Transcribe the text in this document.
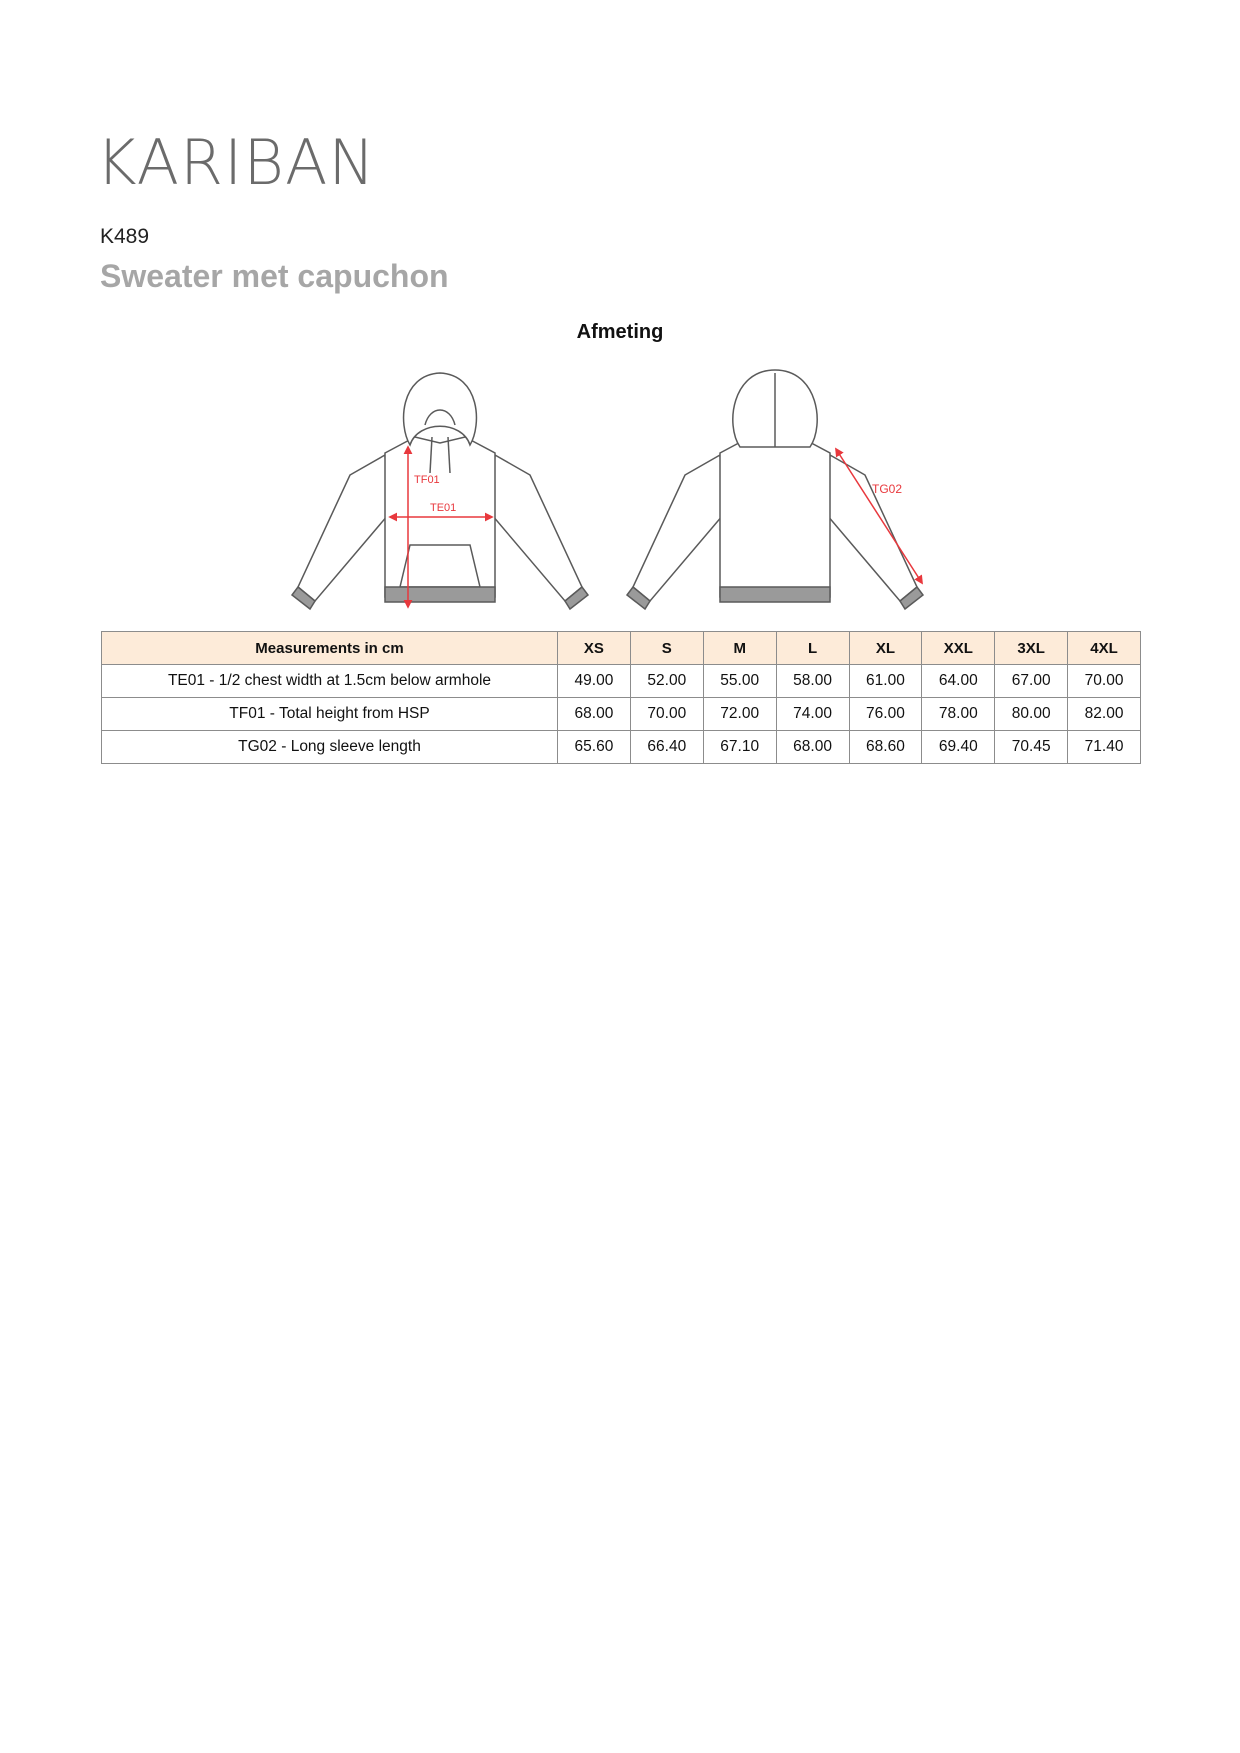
KARIBAN
K489
Sweater met capuchon
Afmeting
TF01
TE01
TG02
Measurements in cm	XS	S	M	L	XL	XXL	3XL	4XL
TE01 - 1/2 chest width at 1.5cm below armhole	49.00	52.00	55.00	58.00	61.00	64.00	67.00	70.00
TF01 - Total height from HSP	68.00	70.00	72.00	74.00	76.00	78.00	80.00	82.00
TG02 - Long sleeve length	65.60	66.40	67.10	68.00	68.60	69.40	70.45	71.40
